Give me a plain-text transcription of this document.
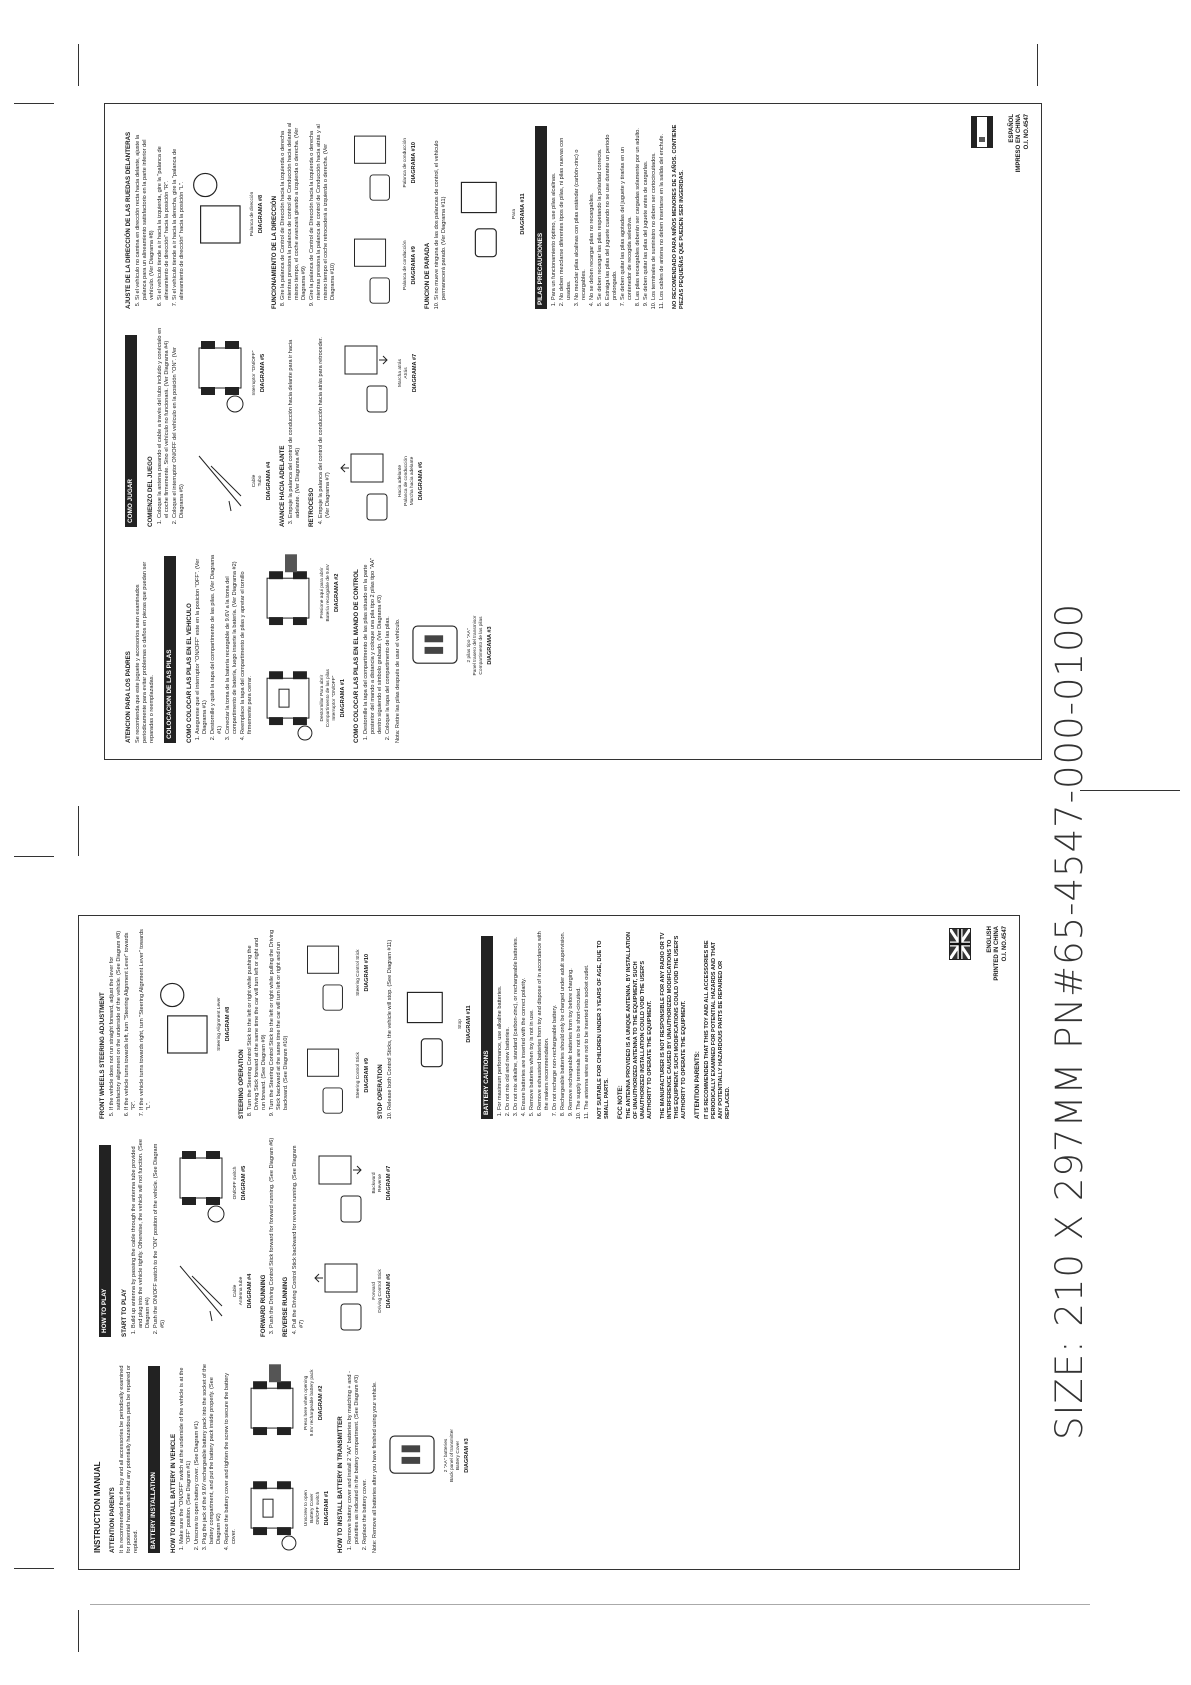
ATENCION PARA LOS PADRES Se recomienda que este juguete y accesorios sean examinados periodicamente para evitar problemas o daños en piezas que puedan ser reparadas o reemplazadas. COLOCACION DE LAS PILAS COMO COLOCAR LAS PILAS EN EL VEHICULO 1. Asegurese que el interruptor "ON/OFF" este en la posicion "OFF". (Ver Diagrama #1) 2. Destornille y quite la tapa del compartimento de las pilas. (Ver Diagrama #1) 3. Conectar la toma de la batería recargable de 9.6V a la toma del compartimento de batería, luego inserte la batería. (Ver Diagrama #2) 4. Reemplace la tapa del compartimento de pilas y apretar el tornillo firmemente para cerrar.	Destornillar Para abrir Compartimento de las pilas Interruptor "ON/OFF" DIAGRAMA #1
Presione aqui para abrir Batería recargable de 9.6V DIAGRAMA #2 COMO COLOCAR LAS PILAS EN EL MANDO DE CONTROL 1. Destornille la tapa del compartimento de las pilas situado en la parte posterior del mando a distancia y coloque una pila tipo 2 pilas tipo "AA" dentro siguiendo el simbolo grabado. (Ver Diagrama #3) 2. Coloque la tapa del compartimento de las pilas. Nota: Retire las pilas después de usar el vehículo.	2 pilas tipo "AA" Panel trasero del transmisor Compartimento de las pilas DIAGRAMA #3
COMO JUGAR COMIENZO DEL JUEGO 1. Coloque la antena pasando el cable a través del tubo incluido y conéctalo en el coche firmemente. Sino el vehículo no funcionará. (Ver Diagrama #4) 2. Coloque el interruptor ON/OFF del vehículo en la posición "ON". (Ver Diagrama #5)
Cable Tubo DIAGRAMA #4
Interruptor "ON/OFF" DIAGRAMA #5
AVANCE HACIA ADELANTE 3. Empuje la palanca del control de conducción hacia delante para ir hacia adelante. (Ver Diagrama #6) RETROCESO 4. Empuje la palanca del control de conducción hacia atrás para retroceder. (Ver Diagrama #7)	Hacia adelante Palanca de conducción Marcha hacia adelante DIAGRAMA #6
Marcha atrás Atrás DIAGRAMA #7
AJUSTE DE LA DIRECCIÓN DE LAS RUEDAS DELANTERAS 5. Si el vehículo no camina en dirección recta hacia delante, ajuste la palanca para un alineamiento satisfactorio en la parte inferior del vehículo. (Ver Diagrama #8) 6. Si el vehículo tiende a ir hacia la izquierda, gire la "palanca de alineamiento de dirección" hacia la posición "R". 7. Si el vehículo tiende a ir hacia la derecha, gire la "palanca de alineamiento de dirección" hacia la posición "L".	Palanca de dirección DIAGRAMA #8 FUNCIONAMIENTO DE LA DIRECCIÓN 8. Gire la palanca de Control de Dirección hacia la izquierda o derecha mientras presiona la palanca de control de Conducción hacia delante al mismo tiempo, el coche avanzará girando a izquierda o derecha. (Ver Diagrama #9) 9. Gire la palanca de Control de Dirección hacia la izquierda o derecha mientras presiona la palanca de control de Conducción hacia atrás y al mismo tiempo el coche retrocederá a izquierda o derecha. (Ver Diagrama #10)	Palanca de conducción DIAGRAMA #9
Palanca de conducción DIAGRAMA #10
FUNCION DE PARADA 10. Si no mueve ninguna de las dos palancas de control, el vehículo permanecerá parado. (Ver Diagrama #11)	Para DIAGRAMA #11
PILAS PRECAUCIONES 1. Para un funcionamiento óptimo, use pilas alcalinas. 2. No deben mezclarse diferentes tipos de pilas, ni pilas nuevas con usadas. 3. No mezclar pilas alcalinas con pilas estándar (carbón-zinc) o recargables. 4. No se deben recargar pilas no recargables. 5. Se deben recargar las pilas respetando la polaridad correcta. 6. Extraiga las pilas del juguete cuando no se use durante un periodo prolongado. 7. Se deben quitar las pilas agotadas del juguete y tirarlas en un contenedor de recogida selectiva. 8. Las pilas recargables deberán ser cargadas solamente por un adulto. 9. Se deben quitar las pilas del juguete antes de cargarlas. 10. Los terminales de suministro no deben ser cortocircuitados. 11. Los cables de antena no deben insertarse en la salida del enchufe. NO RECOMENDADO PARA NIÑOS MENORES DE 3 AÑOS. CONTIENE PIEZAS PEQUEÑAS QUE PUEDEN SER INGERIDAS.

ESPAÑOL IMPRESO EN CHINA O.I. NO.4547
INSTRUCTION MANUAL ATTENTION PARENTS It is recommended that the toy and all accessories be periodically examined for potential hazards and that any potentially hazardous parts be repaired or replaced. BATTERY INSTALLATION HOW TO INSTALL BATTERY IN VEHICLE 1. Make sure the "ON/OFF" switch at the underside of the vehicle is at the "OFF" position. (See Diagram #1) 2. Unscrew to open battery cover. (See Diagram #1) 3. Plug the jack of the 9.6V rechargeable battery pack into the socket of the battery compartment, and put the battery pack inside properly. (See Diagram #2) 4. Replace the battery cover and tighten the screw to secure the battery cover.
Unscrew to open Battery Cover ON/OFF switch DIAGRAM #1
Press here when opening 9.6V rechargeable battery pack DIAGRAM #2
HOW TO INSTALL BATTERY IN TRANSMITTER 1. Remove battery cover and install 2 "AA" batteries by matching + and - polarities as indicated in the battery compartment. (See Diagram #3) 2. Replace the battery cover. Note: Remove all batteries after you have finished using your vehicle.	2 "AA" batteries Back panel of transmitter Battery Cover DIAGRAM #3
HOW TO PLAY START TO PLAY 1. Build up antenna by passing the cable through the antenna tube provided and plug into the vehicle tightly. Otherwise, the vehicle will not function. (See Diagram #4) 2. Push the ON/OFF switch to the "ON" position of the vehicle. (See Diagram #5)
Cable Antenna tube DIAGRAM #4
ON/OFF switch DIAGRAM #5
FORWARD RUNNING 3. Push the Driving Control Stick forward for forward running. (See Diagram #6) REVERSE RUNNING 4. Pull the Driving Control Stick backward for reverse running. (See Diagram #7)
Forward Driving Control Stick DIAGRAM #6
Backward Reverse DIAGRAM #7
FRONT WHEELS STEERING ADJUSTMENT 5. If the vehicle does not run straight forward, adjust the lever for satisfactory alignment on the underside of the vehicle. (See Diagram #8) 6. If the vehicle turns towards left, turn "Steering Alignment Lever" towards "R". 7. If the vehicle turns towards right, turn "Steering Alignment Lever" towards "L".
Steering Alignment Lever DIAGRAM #8
STEERING OPERATION 8. Turn the Steering Control Stick to the left or right while pushing the Driving Stick forward at the same time the car will turn left or right and run forward. (See Diagram #9) 9. Turn the Steering Control Stick to the left or right while pulling the Driving Stick backward at the same time the car will turn left or right and run backward. (See Diagram #10)	Steering Control Stick DIAGRAM #9
Steering Control Stick DIAGRAM #10
STOP OPERATION 10. Release both Control Sticks, the vehicle will stop. (See Diagram #11)	Stop DIAGRAM #11
BATTERY CAUTIONS 1. For maximum performance, use alkaline batteries. 2. Do not mix old and new batteries. 3. Do not mix alkaline, standard (carbon-zinc), or rechargeable batteries. 4. Ensure batteries are inserted with the correct polarity. 5. Remove batteries when toy is not in use. 6. Remove exhausted batteries from toy and dispose of in accordance with the makers recommendation. 7. Do not recharge non-rechargeable battery. 8. Rechargeable batteries should only be charged under adult supervision. 9. Remove rechargeable batteries from toy before charging. 10. The supply terminals are not to be short-circuited. 11. The antenna wires are not to be inserted into socket outlet. NOT SUITABLE FOR CHILDREN UNDER 3 YEARS OF AGE, DUE TO SMALL PARTS. FCC NOTE: THE ANTENNA PROVIDED IS A UNIQUE ANTENNA. BY INSTALLATION OF UNAUTHORIZED ANTENNA TO THE EQUIPMENT, SUCH UNAUTHORIZED INSTALLATION COULD VOID THE USER'S AUTHORITY TO OPERATE THE EQUIPMENT. THE MANUFACTURER IS NOT RESPONSIBLE FOR ANY RADIO OR TV INTERFERENCE CAUSED BY UNAUTHORIZED MODIFICATIONS TO THIS EQUIPMENT. SUCH MODIFICATIONS COULD VOID THE USER'S AUTHORITY TO OPERATE THE EQUIPMENT. ATTENTION PARENTS: IT IS RECOMMENDED THAT THIS TOY AND ALL ACCESSORIES BE PERIODICALLY EXAMINED FOR POTENTIAL HAZARDS AND THAT ANY POTENTIALLY HAZARDOUS PARTS BE REPAIRED OR REPLACED.

ENGLISH PRINTED IN CHINA O.I. NO.4547 SIZE: 210 X 297MM PN#65-4547-000-0100
